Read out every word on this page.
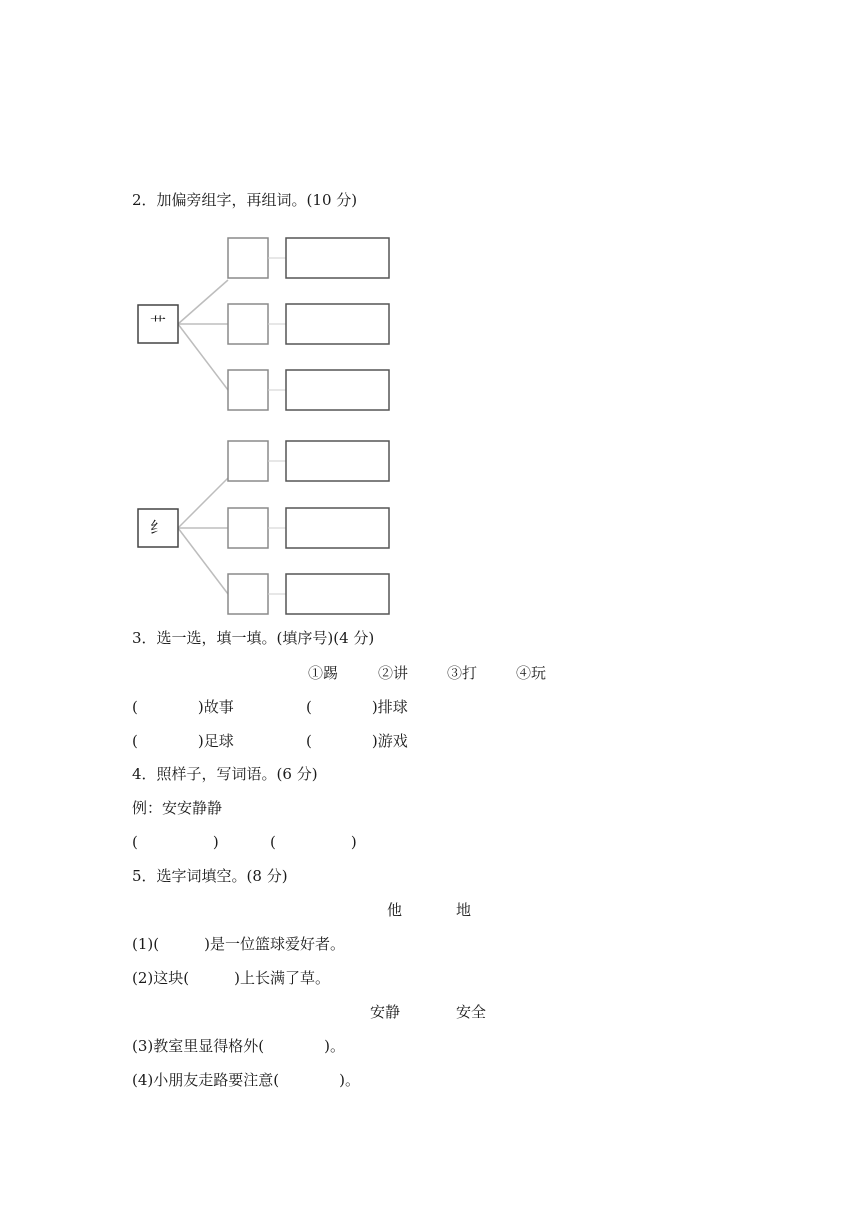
2．加偏旁组字，再组词。(10 分)
艹
纟
3．选一选，填一填。(填序号)(4 分)
①踢	②讲	③打	④玩
(　　　　)故事	(　　　　)排球
(　　　　)足球	(　　　　)游戏
4．照样子，写词语。(6 分)
例：安安静静
(　　　　　)	(　　　　　)
5．选字词填空。(8 分)
他	地
(1)(　　　)是一位篮球爱好者。
(2)这块(　　　)上长满了草。
安静	安全
(3)教室里显得格外(　　　　)。
(4)小朋友走路要注意(　　　　)。
